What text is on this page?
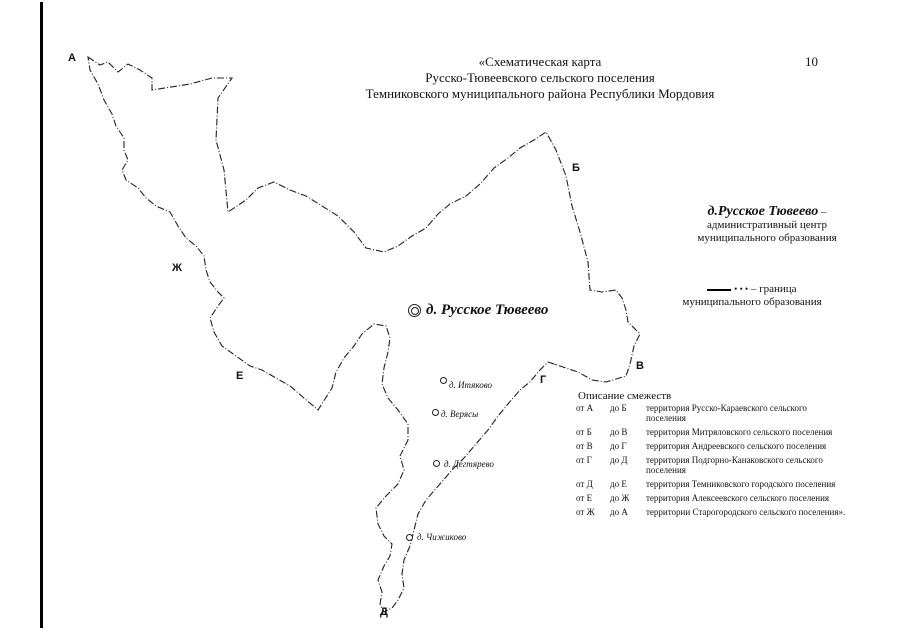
«Схематическая карта
Русско-Тювеевского сельского поселения
Темниковского муниципального района Республики Мордовия
10
А
Б
В
Г
Д
Е
Ж
д. Русское Тювеево
д. Итяково
д. Веряcы
д. Дегтярево
д. Чижиково
д.Русское Тювеево –
административный центр
муниципального образования
• • • – граница
муниципального образования
Описание смежеств
от А	до Б	территория Русско-Караевского сельского поселения
от Б	до В	территория Митряловского сельского поселения
от В	до Г	территория Андреевского сельского поселения
от Г	до Д	территория Подгорно-Канаковского сельского поселения
от Д	до Е	территория Темниковского городского поселения
от Е	до Ж	территория Алексеевского сельского поселения
от Ж	до А	территории Старогородского сельского поселения».
